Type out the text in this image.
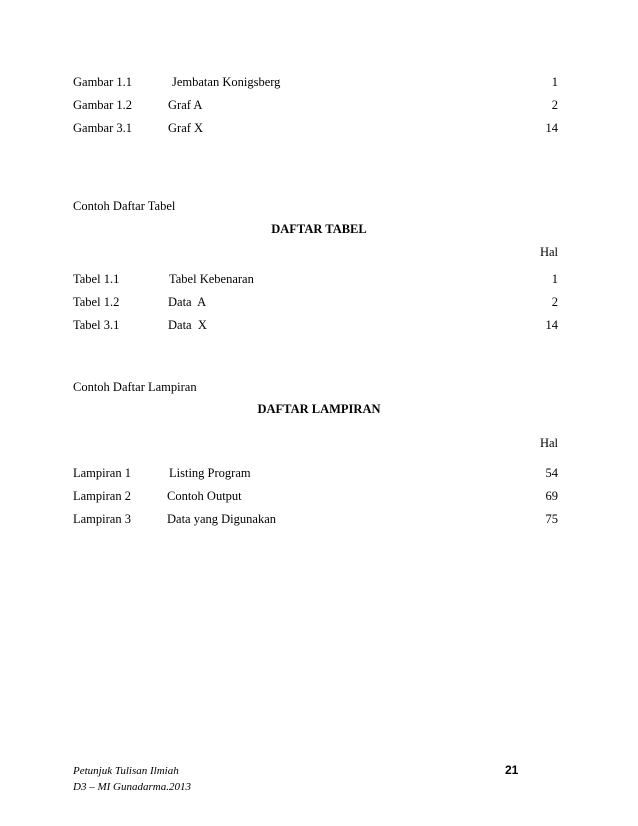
Gambar 1.1	Jembatan Konigsberg	1
Gambar 1.2	Graf A	2
Gambar 3.1	Graf X	14
Contoh Daftar Tabel
DAFTAR TABEL
Hal
Tabel 1.1	Tabel Kebenaran	1
Tabel 1.2	Data  A	2
Tabel 3.1	Data  X	14
Contoh Daftar Lampiran
DAFTAR LAMPIRAN
Hal
Lampiran 1	Listing Program	54
Lampiran 2	Contoh Output	69
Lampiran 3	Data yang Digunakan	75
Petunjuk Tulisan Ilmiah
D3 – MI Gunadarma.2013
21
